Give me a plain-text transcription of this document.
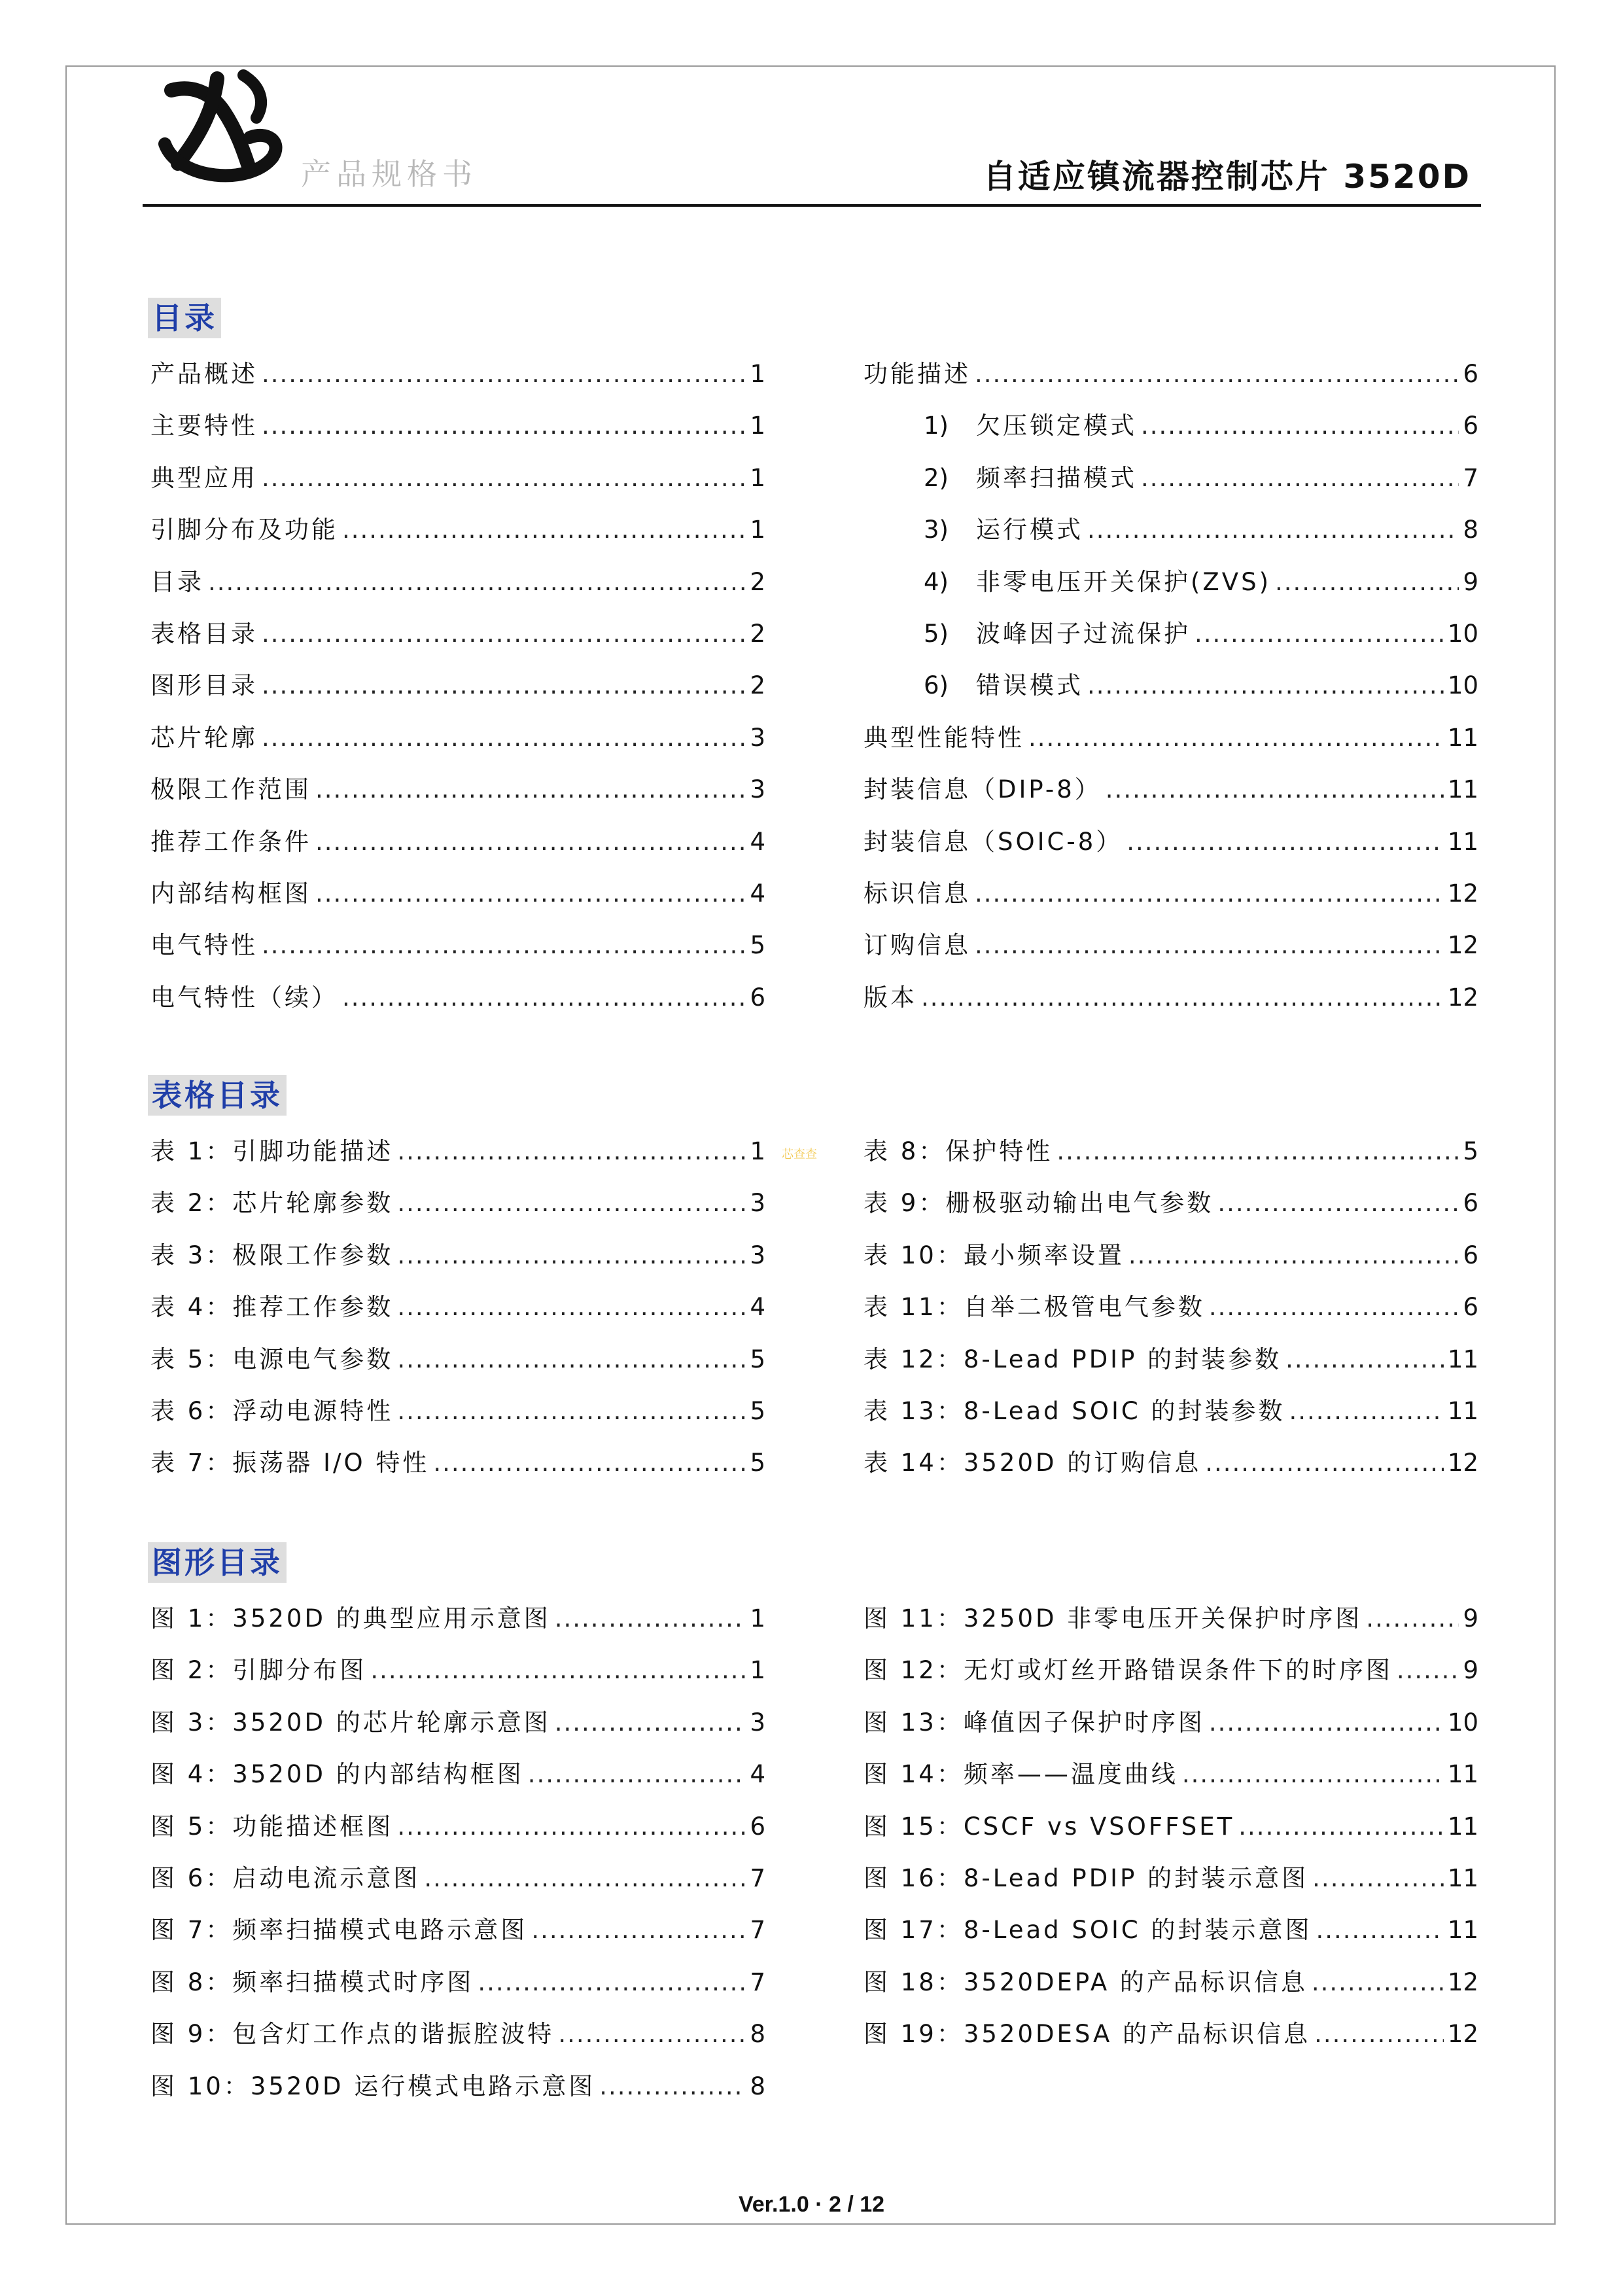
产品规格书	自适应镇流器控制芯片 3520D
目录
产品概述 .....	1
主要特性 .....	1
典型应用 .....	1
引脚分布及功能 .....	1
目录 .....	2
表格目录 .....	2
图形目录 .....	2
芯片轮廓 .....	3
极限工作范围 .....	3
推荐工作条件 .....	4
内部结构框图 .....	4
电气特性 .....	5
电气特性（续） .....	6
功能描述 .....	6
1)	欠压锁定模式 .....	6
2)	频率扫描模式 .....	7
3)	运行模式 .....	8
4)	非零电压开关保护(ZVS) .....	9
5)	波峰因子过流保护 .....	10
6)	错误模式 .....	10
典型性能特性 .....	11
封装信息（DIP-8） .....	11
封装信息（SOIC-8） .....	11
标识信息 .....	12
订购信息 .....	12
版本 .....	12
表格目录
表 1：引脚功能描述 .....	1
表 2：芯片轮廓参数 .....	3
表 3：极限工作参数 .....	3
表 4：推荐工作参数 .....	4
表 5：电源电气参数 .....	5
表 6：浮动电源特性 .....	5
表 7：振荡器 I/O 特性 .....	5
表 8：保护特性 .....	5
表 9：栅极驱动输出电气参数 .....	6
表 10：最小频率设置 .....	6
表 11：自举二极管电气参数 .....	6
表 12：8-Lead PDIP 的封装参数 .....	11
表 13：8-Lead SOIC 的封装参数 .....	11
表 14：3520D 的订购信息 .....	12
芯查查
图形目录
图 1：3520D 的典型应用示意图 .....	1
图 2：引脚分布图 .....	1
图 3：3520D 的芯片轮廓示意图 .....	3
图 4：3520D 的内部结构框图 .....	4
图 5：功能描述框图 .....	6
图 6：启动电流示意图 .....	7
图 7：频率扫描模式电路示意图 .....	7
图 8：频率扫描模式时序图 .....	7
图 9：包含灯工作点的谐振腔波特 .....	8
图 10：3520D 运行模式电路示意图 .....	8
图 11：3250D 非零电压开关保护时序图 .....	9
图 12：无灯或灯丝开路错误条件下的时序图 .....	9
图 13：峰值因子保护时序图 .....	10
图 14：频率——温度曲线 .....	11
图 15：CSCF vs VSOFFSET .....	11
图 16：8-Lead PDIP 的封装示意图 .....	11
图 17：8-Lead SOIC 的封装示意图 .....	11
图 18：3520DEPA 的产品标识信息 .....	12
图 19：3520DESA 的产品标识信息 .....	12
Ver.1.0 · 2 / 12
